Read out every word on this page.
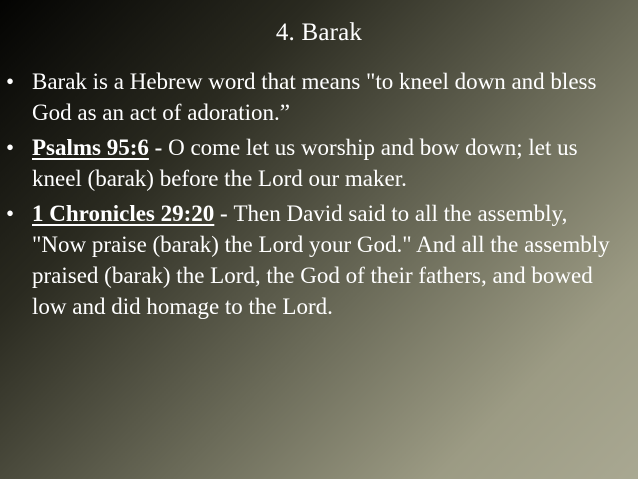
4. Barak
• Barak is a Hebrew word that means "to kneel down and bless God as an act of adoration.”
• Psalms 95:6 - O come let us worship and bow down; let us kneel (barak) before the Lord our maker.
• 1 Chronicles 29:20 - Then David said to all the assembly, "Now praise (barak) the Lord your God." And all the assembly praised (barak) the Lord, the God of their fathers, and bowed low and did homage to the Lord.
